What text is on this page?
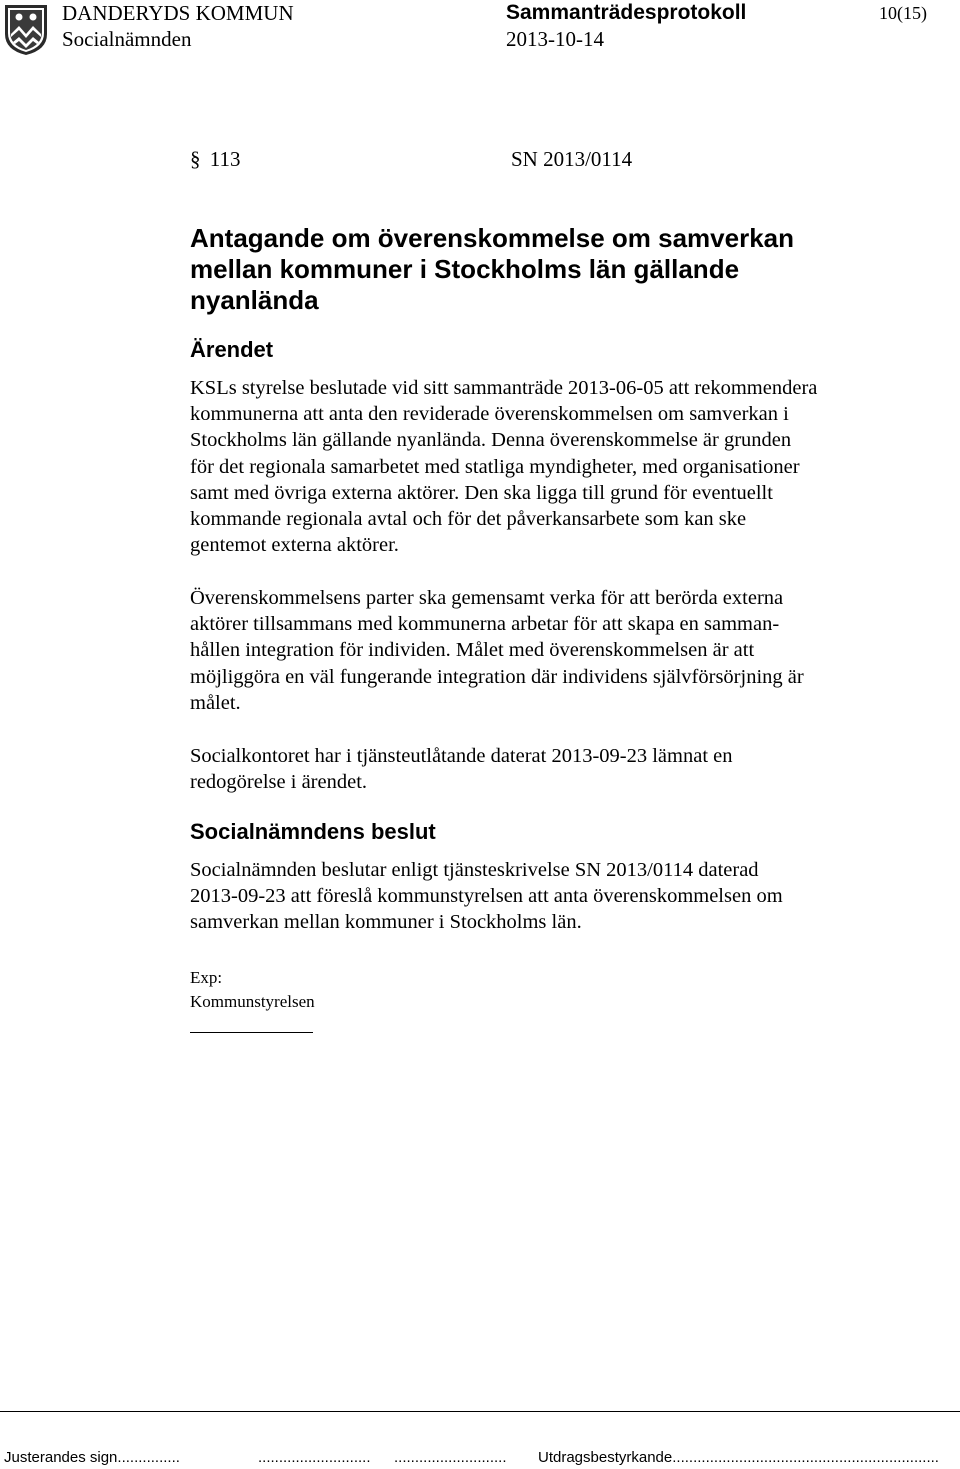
DANDERYDS KOMMUN
Socialnämnden
Sammanträdesprotokoll
2013-10-14
10(15)
§ 113	SN 2013/0114
Antagande om överenskommelse om samverkan
mellan kommuner i Stockholms län gällande
nyanlända
Ärendet

KSLs styrelse beslutade vid sitt sammanträde 2013-06-05 att rekommendera
kommunerna att anta den reviderade överenskommelsen om samverkan i
Stockholms län gällande nyanlända. Denna överenskommelse är grunden
för det regionala samarbetet med statliga myndigheter, med organisationer
samt med övriga externa aktörer. Den ska ligga till grund för eventuellt
kommande regionala avtal och för det påverkansarbete som kan ske
gentemot externa aktörer.

Överenskommelsens parter ska gemensamt verka för att berörda externa
aktörer tillsammans med kommunerna arbetar för att skapa en samman-
hållen integration för individen. Målet med överenskommelsen är att
möjliggöra en väl fungerande integration där individens självförsörjning är
målet.

Socialkontoret har i tjänsteutlåtande daterat 2013-09-23 lämnat en
redogörelse i ärendet.

Socialnämndens beslut

Socialnämnden beslutar enligt tjänsteskrivelse SN 2013/0114 daterad
2013-09-23 att föreslå kommunstyrelsen att anta överenskommelsen om
samverkan mellan kommuner i Stockholms län.

Exp:
Kommunstyrelsen
Justerandes sign...............	........................... ........................... Utdragsbestyrkande................................................................
